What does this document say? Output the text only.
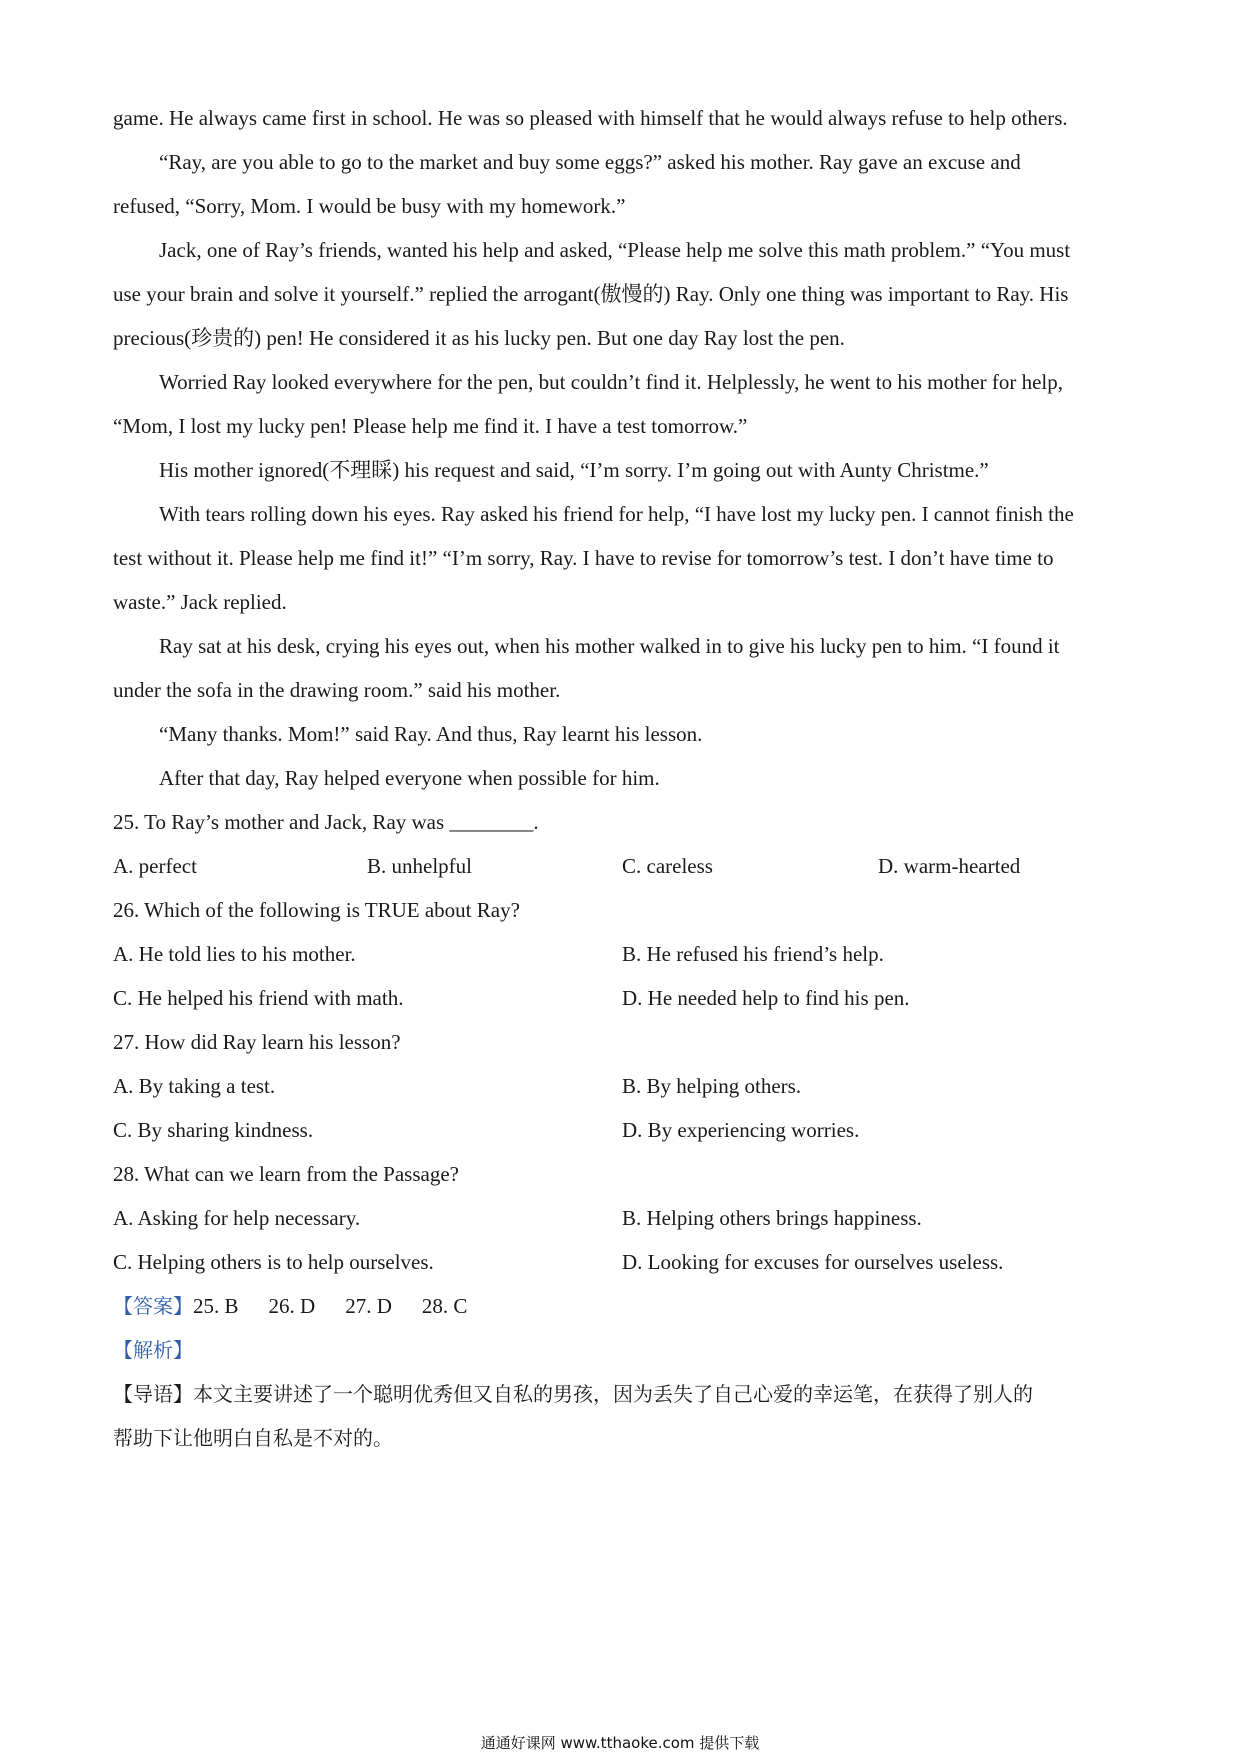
game. He always came first in school. He was so pleased with himself that he would always refuse to help others.
“Ray, are you able to go to the market and buy some eggs?” asked his mother. Ray gave an excuse and
refused, “Sorry, Mom. I would be busy with my homework.”
Jack, one of Ray’s friends, wanted his help and asked, “Please help me solve this math problem.” “You must
use your brain and solve it yourself.” replied the arrogant(傲慢的) Ray. Only one thing was important to Ray. His
precious(珍贵的) pen! He considered it as his lucky pen. But one day Ray lost the pen.
Worried Ray looked everywhere for the pen, but couldn’t find it. Helplessly, he went to his mother for help,
“Mom, I lost my lucky pen! Please help me find it. I have a test tomorrow.”
His mother ignored(不理睬) his request and said, “I’m sorry. I’m going out with Aunty Christme.”
With tears rolling down his eyes. Ray asked his friend for help, “I have lost my lucky pen. I cannot finish the
test without it. Please help me find it!” “I’m sorry, Ray. I have to revise for tomorrow’s test. I don’t have time to
waste.” Jack replied.
Ray sat at his desk, crying his eyes out, when his mother walked in to give his lucky pen to him. “I found it
under the sofa in the drawing room.” said his mother.
“Many thanks. Mom!” said Ray. And thus, Ray learnt his lesson.
After that day, Ray helped everyone when possible for him.
25. To Ray’s mother and Jack, Ray was ________.
A. perfect	B. unhelpful	C. careless	D. warm-hearted
26. Which of the following is TRUE about Ray?
A. He told lies to his mother.	B. He refused his friend’s help.
C. He helped his friend with math.	D. He needed help to find his pen.
27. How did Ray learn his lesson?
A. By taking a test.	B. By helping others.
C. By sharing kindness.	D. By experiencing worries.
28. What can we learn from the Passage?
A. Asking for help necessary.	B. Helping others brings happiness.
C. Helping others is to help ourselves.	D. Looking for excuses for ourselves useless.
【答案】25. B 26. D 27. D 28. C
【解析】
【导语】本文主要讲述了一个聪明优秀但又自私的男孩，因为丢失了自己心爱的幸运笔，在获得了别人的
帮助下让他明白自私是不对的。
通通好课网 www.tthaoke.com 提供下载
